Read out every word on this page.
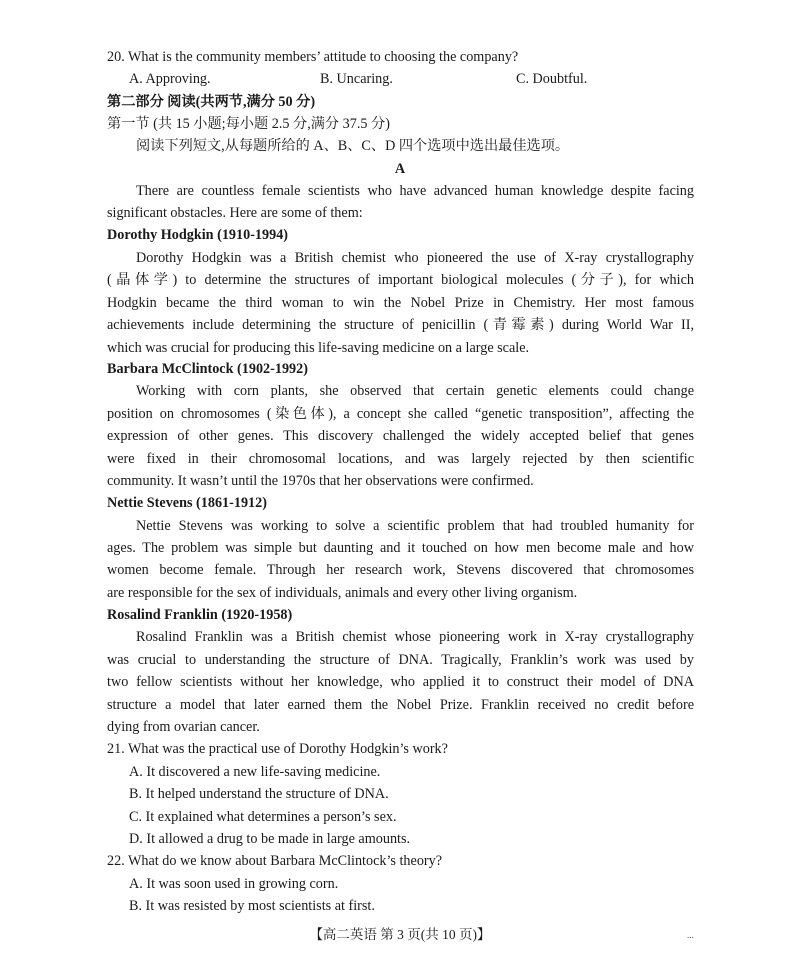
20. What is the community members’ attitude to choosing the company?
A. Approving.	B. Uncaring.	C. Doubtful.
第二部分 阅读(共两节,满分 50 分)
第一节 (共 15 小题;每小题 2.5 分,满分 37.5 分)
阅读下列短文,从每题所给的 A、B、C、D 四个选项中选出最佳选项。
A
There are countless female scientists who have advanced human knowledge despite facing
significant obstacles. Here are some of them:
Dorothy Hodgkin (1910-1994)
Dorothy Hodgkin was a British chemist who pioneered the use of X-ray crystallography
(晶体学) to determine the structures of important biological molecules (分子), for which
Hodgkin became the third woman to win the Nobel Prize in Chemistry. Her most famous
achievements include determining the structure of penicillin (青霉素) during World War II,
which was crucial for producing this life-saving medicine on a large scale.
Barbara McClintock (1902-1992)
Working with corn plants, she observed that certain genetic elements could change
position on chromosomes (染色体), a concept she called “genetic transposition”, affecting the
expression of other genes. This discovery challenged the widely accepted belief that genes
were fixed in their chromosomal locations, and was largely rejected by then scientific
community. It wasn’t until the 1970s that her observations were confirmed.
Nettie Stevens (1861-1912)
Nettie Stevens was working to solve a scientific problem that had troubled humanity for
ages. The problem was simple but daunting and it touched on how men become male and how
women become female. Through her research work, Stevens discovered that chromosomes
are responsible for the sex of individuals, animals and every other living organism.
Rosalind Franklin (1920-1958)
Rosalind Franklin was a British chemist whose pioneering work in X-ray crystallography
was crucial to understanding the structure of DNA. Tragically, Franklin’s work was used by
two fellow scientists without her knowledge, who applied it to construct their model of DNA
structure a model that later earned them the Nobel Prize. Franklin received no credit before
dying from ovarian cancer.
21. What was the practical use of Dorothy Hodgkin’s work?
A. It discovered a new life-saving medicine.
B. It helped understand the structure of DNA.
C. It explained what determines a person’s sex.
D. It allowed a drug to be made in large amounts.
22. What do we know about Barbara McClintock’s theory?
A. It was soon used in growing corn.
B. It was resisted by most scientists at first.
【高二英语 第 3 页(共 10 页)】	...
